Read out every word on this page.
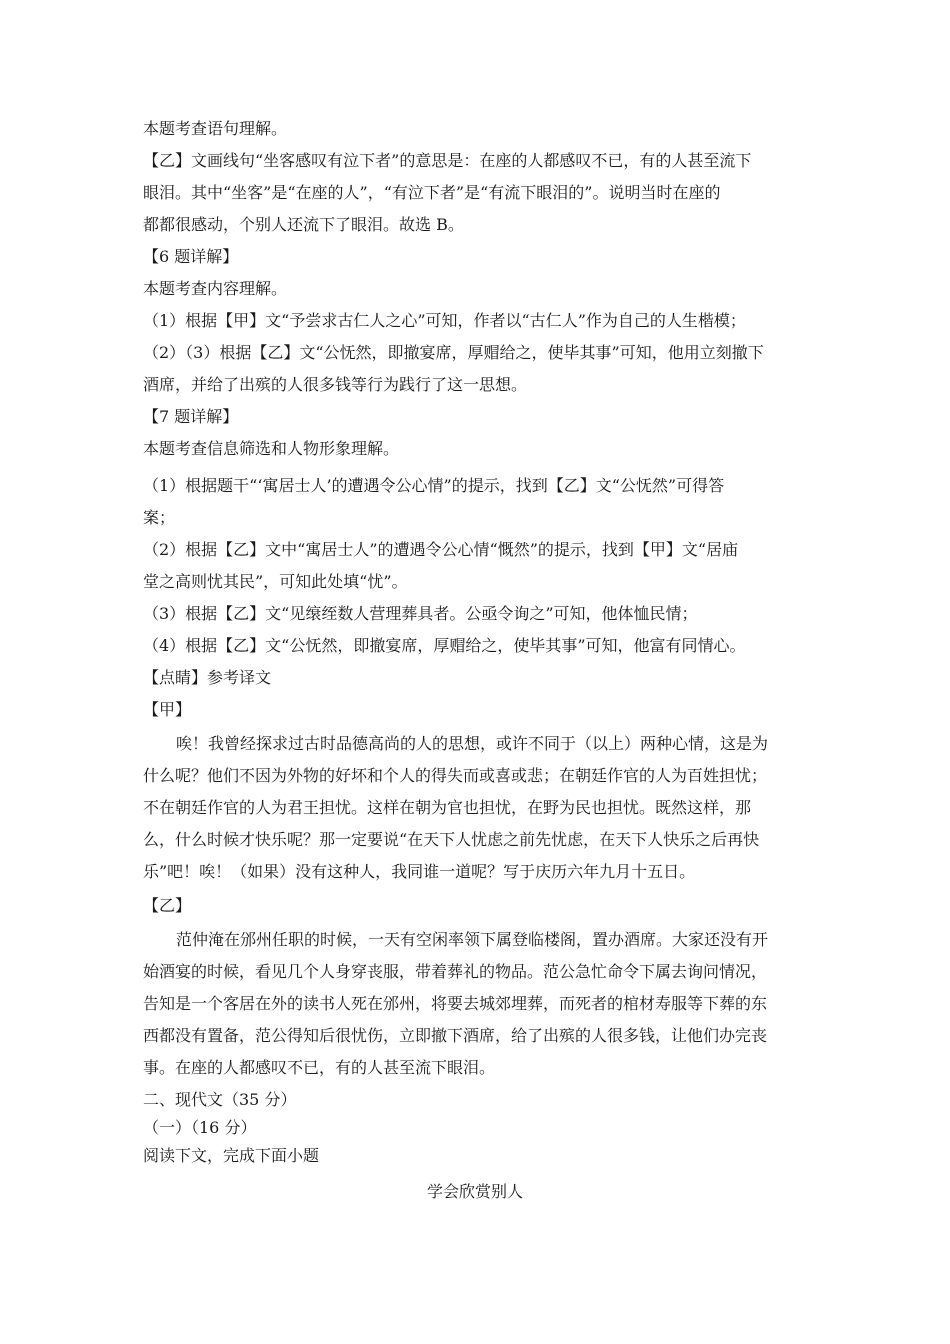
本题考查语句理解。
【乙】文画线句“坐客感叹有泣下者”的意思是：在座的人都感叹不已，有的人甚至流下
眼泪。其中“坐客”是“在座的人”，“有泣下者”是“有流下眼泪的”。说明当时在座的
都都很感动，个别人还流下了眼泪。故选 B。
【6 题详解】
本题考查内容理解。
（1）根据【甲】文“予尝求古仁人之心”可知，作者以“古仁人”作为自己的人生楷模；
（2）（3）根据【乙】文“公怃然，即撤宴席，厚赗给之，使毕其事”可知，他用立刻撤下
酒席，并给了出殡的人很多钱等行为践行了这一思想。
【7 题详解】
本题考查信息筛选和人物形象理解。
（1）根据题干“‘寓居士人’的遭遇令公心情”的提示，找到【乙】文“公怃然”可得答
案；
（2）根据【乙】文中“寓居士人”的遭遇令公心情“慨然”的提示，找到【甲】文“居庙
堂之高则忧其民”，可知此处填“忧”。
（3）根据【乙】文“见缞绖数人营理葬具者。公亟令询之”可知，他体恤民情；
（4）根据【乙】文“公怃然，即撤宴席，厚赗给之，使毕其事”可知，他富有同情心。
【点睛】参考译文
【甲】
唉！我曾经探求过古时品德高尚的人的思想，或许不同于（以上）两种心情，这是为
什么呢？他们不因为外物的好坏和个人的得失而或喜或悲；在朝廷作官的人为百姓担忧；
不在朝廷作官的人为君王担忧。这样在朝为官也担忧，在野为民也担忧。既然这样，那
么，什么时候才快乐呢？那一定要说“在天下人忧虑之前先忧虑，在天下人快乐之后再快
乐”吧！唉！（如果）没有这种人，我同谁一道呢？写于庆历六年九月十五日。
【乙】
范仲淹在邠州任职的时候，一天有空闲率领下属登临楼阁，置办酒席。大家还没有开
始酒宴的时候，看见几个人身穿丧服，带着葬礼的物品。范公急忙命令下属去询问情况，
告知是一个客居在外的读书人死在邠州，将要去城郊埋葬，而死者的棺材寿服等下葬的东
西都没有置备，范公得知后很忧伤，立即撤下酒席，给了出殡的人很多钱，让他们办完丧
事。在座的人都感叹不已，有的人甚至流下眼泪。
二、现代文（35 分）
（一）（16 分）
阅读下文，完成下面小题
学会欣赏别人
